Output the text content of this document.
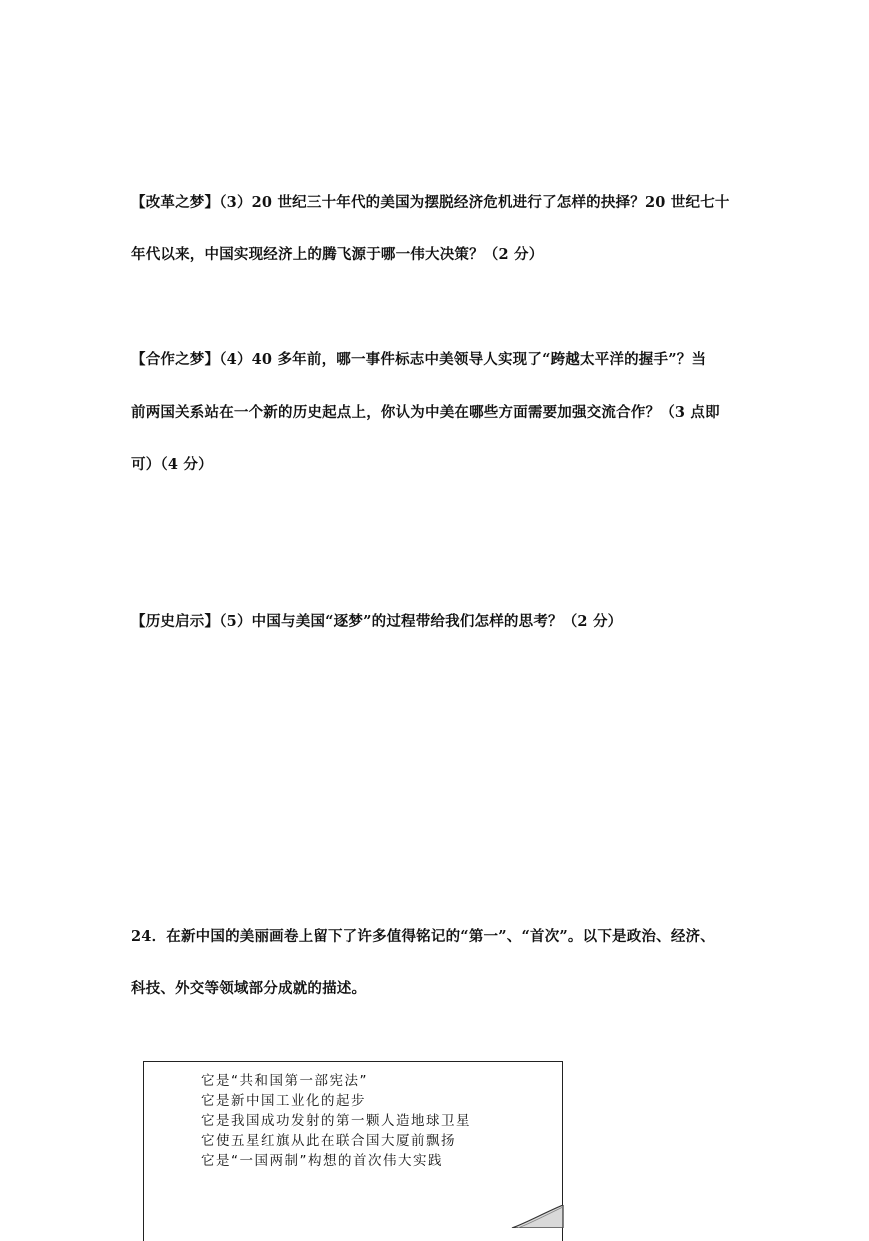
【改革之梦】（3）20 世纪三十年代的美国为摆脱经济危机进行了怎样的抉择？20 世纪七十
年代以来，中国实现经济上的腾飞源于哪一伟大决策？（2 分）
【合作之梦】（4）40 多年前，哪一事件标志中美领导人实现了“跨越太平洋的握手”？当
前两国关系站在一个新的历史起点上，你认为中美在哪些方面需要加强交流合作？（3 点即
可）（4 分）
【历史启示】（5）中国与美国“逐梦”的过程带给我们怎样的思考？（2 分）
24．在新中国的美丽画卷上留下了许多值得铭记的“第一”、“首次”。以下是政治、经济、
科技、外交等领域部分成就的描述。
它是“共和国第一部宪法”
它是新中国工业化的起步
它是我国成功发射的第一颗人造地球卫星
它使五星红旗从此在联合国大厦前飘扬
它是“一国两制”构想的首次伟大实践
